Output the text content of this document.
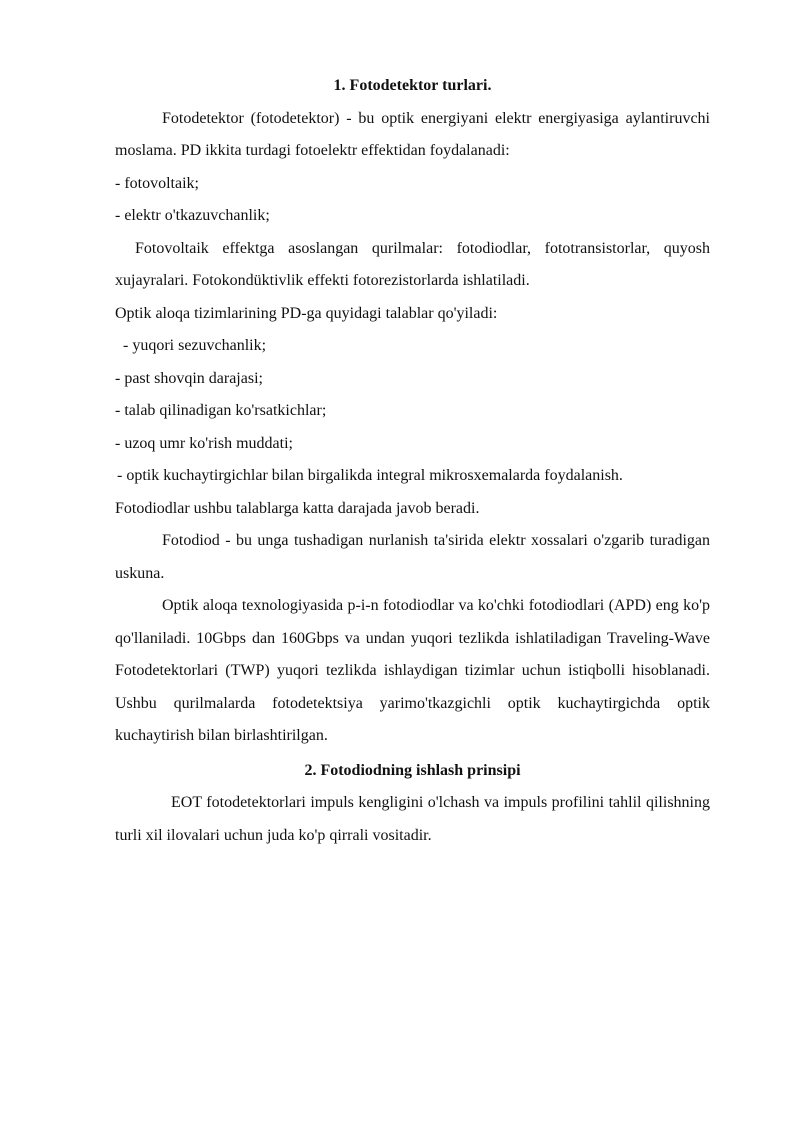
1. Fotodetektor turlari.

Fotodetektor (fotodetektor) - bu optik energiyani elektr energiyasiga aylantiruvchi moslama. PD ikkita turdagi fotoelektr effektidan foydalanadi:

- fotovoltaik;

- elektr o'tkazuvchanlik;

Fotovoltaik effektga asoslangan qurilmalar: fotodiodlar, fototransistorlar, quyosh xujayralari. Fotokondüktivlik effekti fotorezistorlarda ishlatiladi.

Optik aloqa tizimlarining PD-ga quyidagi talablar qo'yiladi:

- yuqori sezuvchanlik;

- past shovqin darajasi;

- talab qilinadigan ko'rsatkichlar;

- uzoq umr ko'rish muddati;

- optik kuchaytirgichlar bilan birgalikda integral mikrosxemalarda foydalanish.

Fotodiodlar ushbu talablarga katta darajada javob beradi.

Fotodiod - bu unga tushadigan nurlanish ta'sirida elektr xossalari o'zgarib turadigan uskuna.

Optik aloqa texnologiyasida p-i-n fotodiodlar va ko'chki fotodiodlari (APD) eng ko'p qo'llaniladi. 10Gbps dan 160Gbps va undan yuqori tezlikda ishlatiladigan Traveling-Wave Fotodetektorlari (TWP) yuqori tezlikda ishlaydigan tizimlar uchun istiqbolli hisoblanadi. Ushbu qurilmalarda fotodetektsiya yarimo'tkazgichli optik kuchaytirgichda optik kuchaytirish bilan birlashtirilgan.

2. Fotodiodning ishlash prinsipi

EOT fotodetektorlari impuls kengligini o'lchash va impuls profilini tahlil qilishning turli xil ilovalari uchun juda ko'p qirrali vositadir.
